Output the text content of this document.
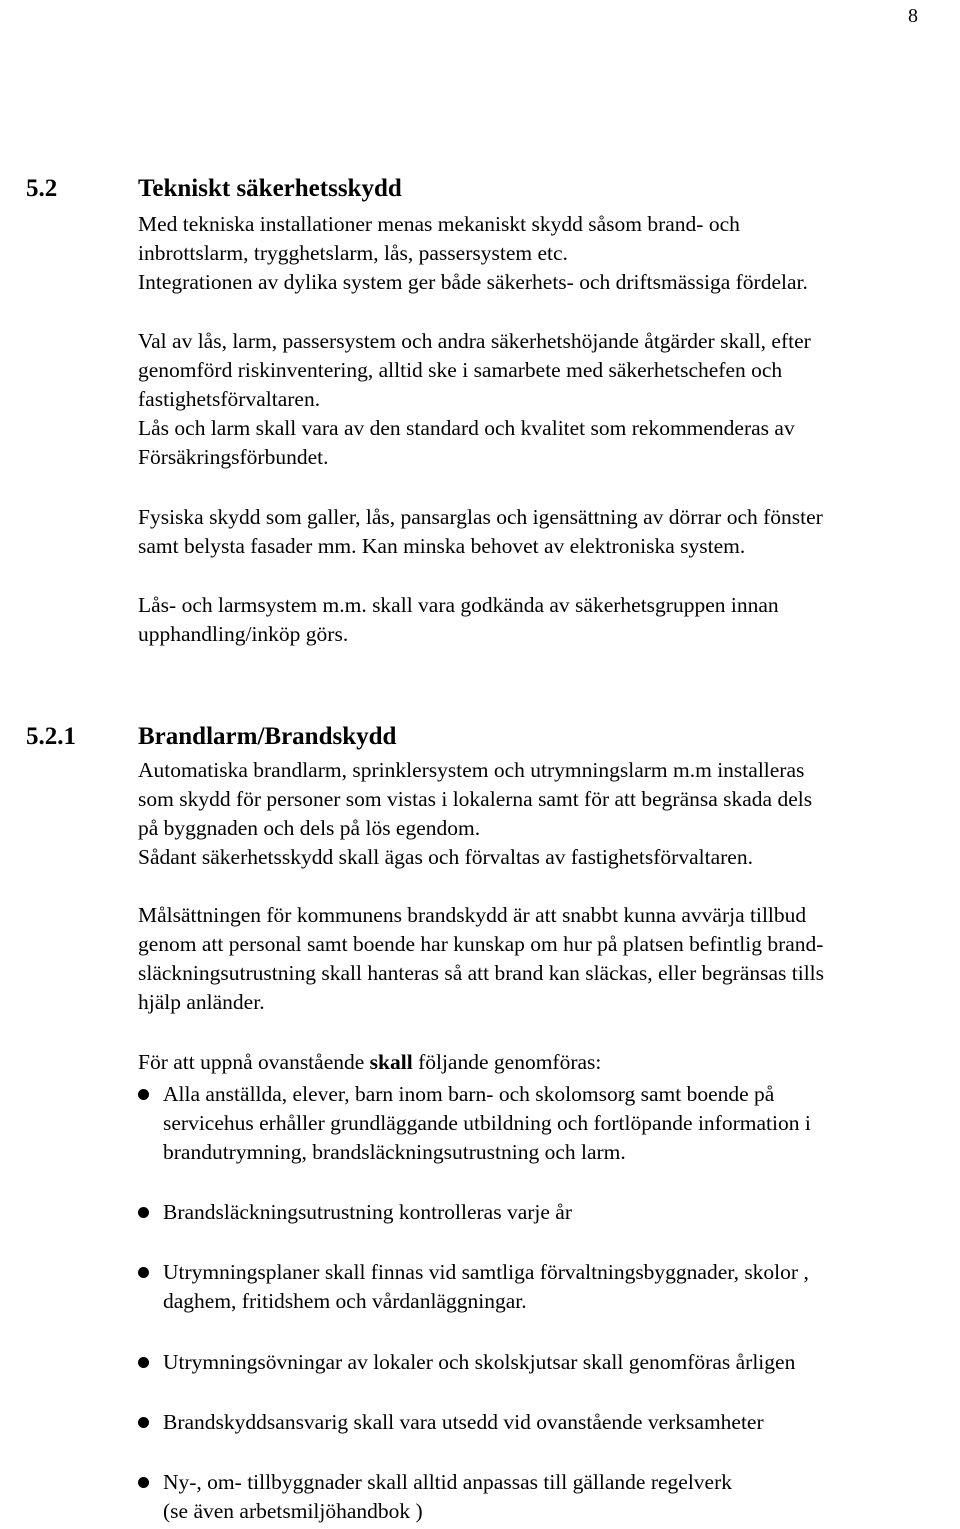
8
5.2	Tekniskt säkerhetsskydd
Med tekniska installationer menas mekaniskt skydd såsom brand- och
inbrottslarm, trygghetslarm, lås, passersystem etc.
Integrationen av dylika system ger både säkerhets- och driftsmässiga fördelar.
Val av lås, larm, passersystem och andra säkerhetshöjande åtgärder skall, efter
genomförd riskinventering, alltid ske i samarbete med säkerhetschefen och
fastighetsförvaltaren.
Lås och larm skall vara av den standard och kvalitet som rekommenderas av
Försäkringsförbundet.
Fysiska skydd som galler, lås, pansarglas och igensättning av dörrar och fönster
samt belysta fasader mm. Kan minska behovet av elektroniska system.
Lås- och larmsystem m.m. skall vara godkända av säkerhetsgruppen innan
upphandling/inköp görs.
5.2.1 Brandlarm/Brandskydd
Automatiska brandlarm, sprinklersystem och utrymningslarm m.m installeras
som skydd för personer som vistas i lokalerna samt för att begränsa skada dels
på byggnaden och dels på lös egendom.
Sådant säkerhetsskydd skall ägas och förvaltas av fastighetsförvaltaren.
Målsättningen för kommunens brandskydd är att snabbt kunna avvärja tillbud
genom att personal samt boende har kunskap om hur på platsen befintlig brand-
släckningsutrustning skall hanteras så att brand kan släckas, eller begränsas tills
hjälp anländer.
För att uppnå ovanstående skall följande genomföras:
Alla anställda, elever, barn inom barn- och skolomsorg samt boende på
servicehus erhåller grundläggande utbildning och fortlöpande information i
brandutrymning, brandsläckningsutrustning och larm.
Brandsläckningsutrustning kontrolleras varje år
Utrymningsplaner skall finnas vid samtliga förvaltningsbyggnader, skolor ,
daghem, fritidshem och vårdanläggningar.
Utrymningsövningar av lokaler och skolskjutsar skall genomföras årligen
Brandskyddsansvarig skall vara utsedd vid ovanstående verksamheter
Ny-, om- tillbyggnader skall alltid anpassas till gällande regelverk
(se även arbetsmiljöhandbok )
